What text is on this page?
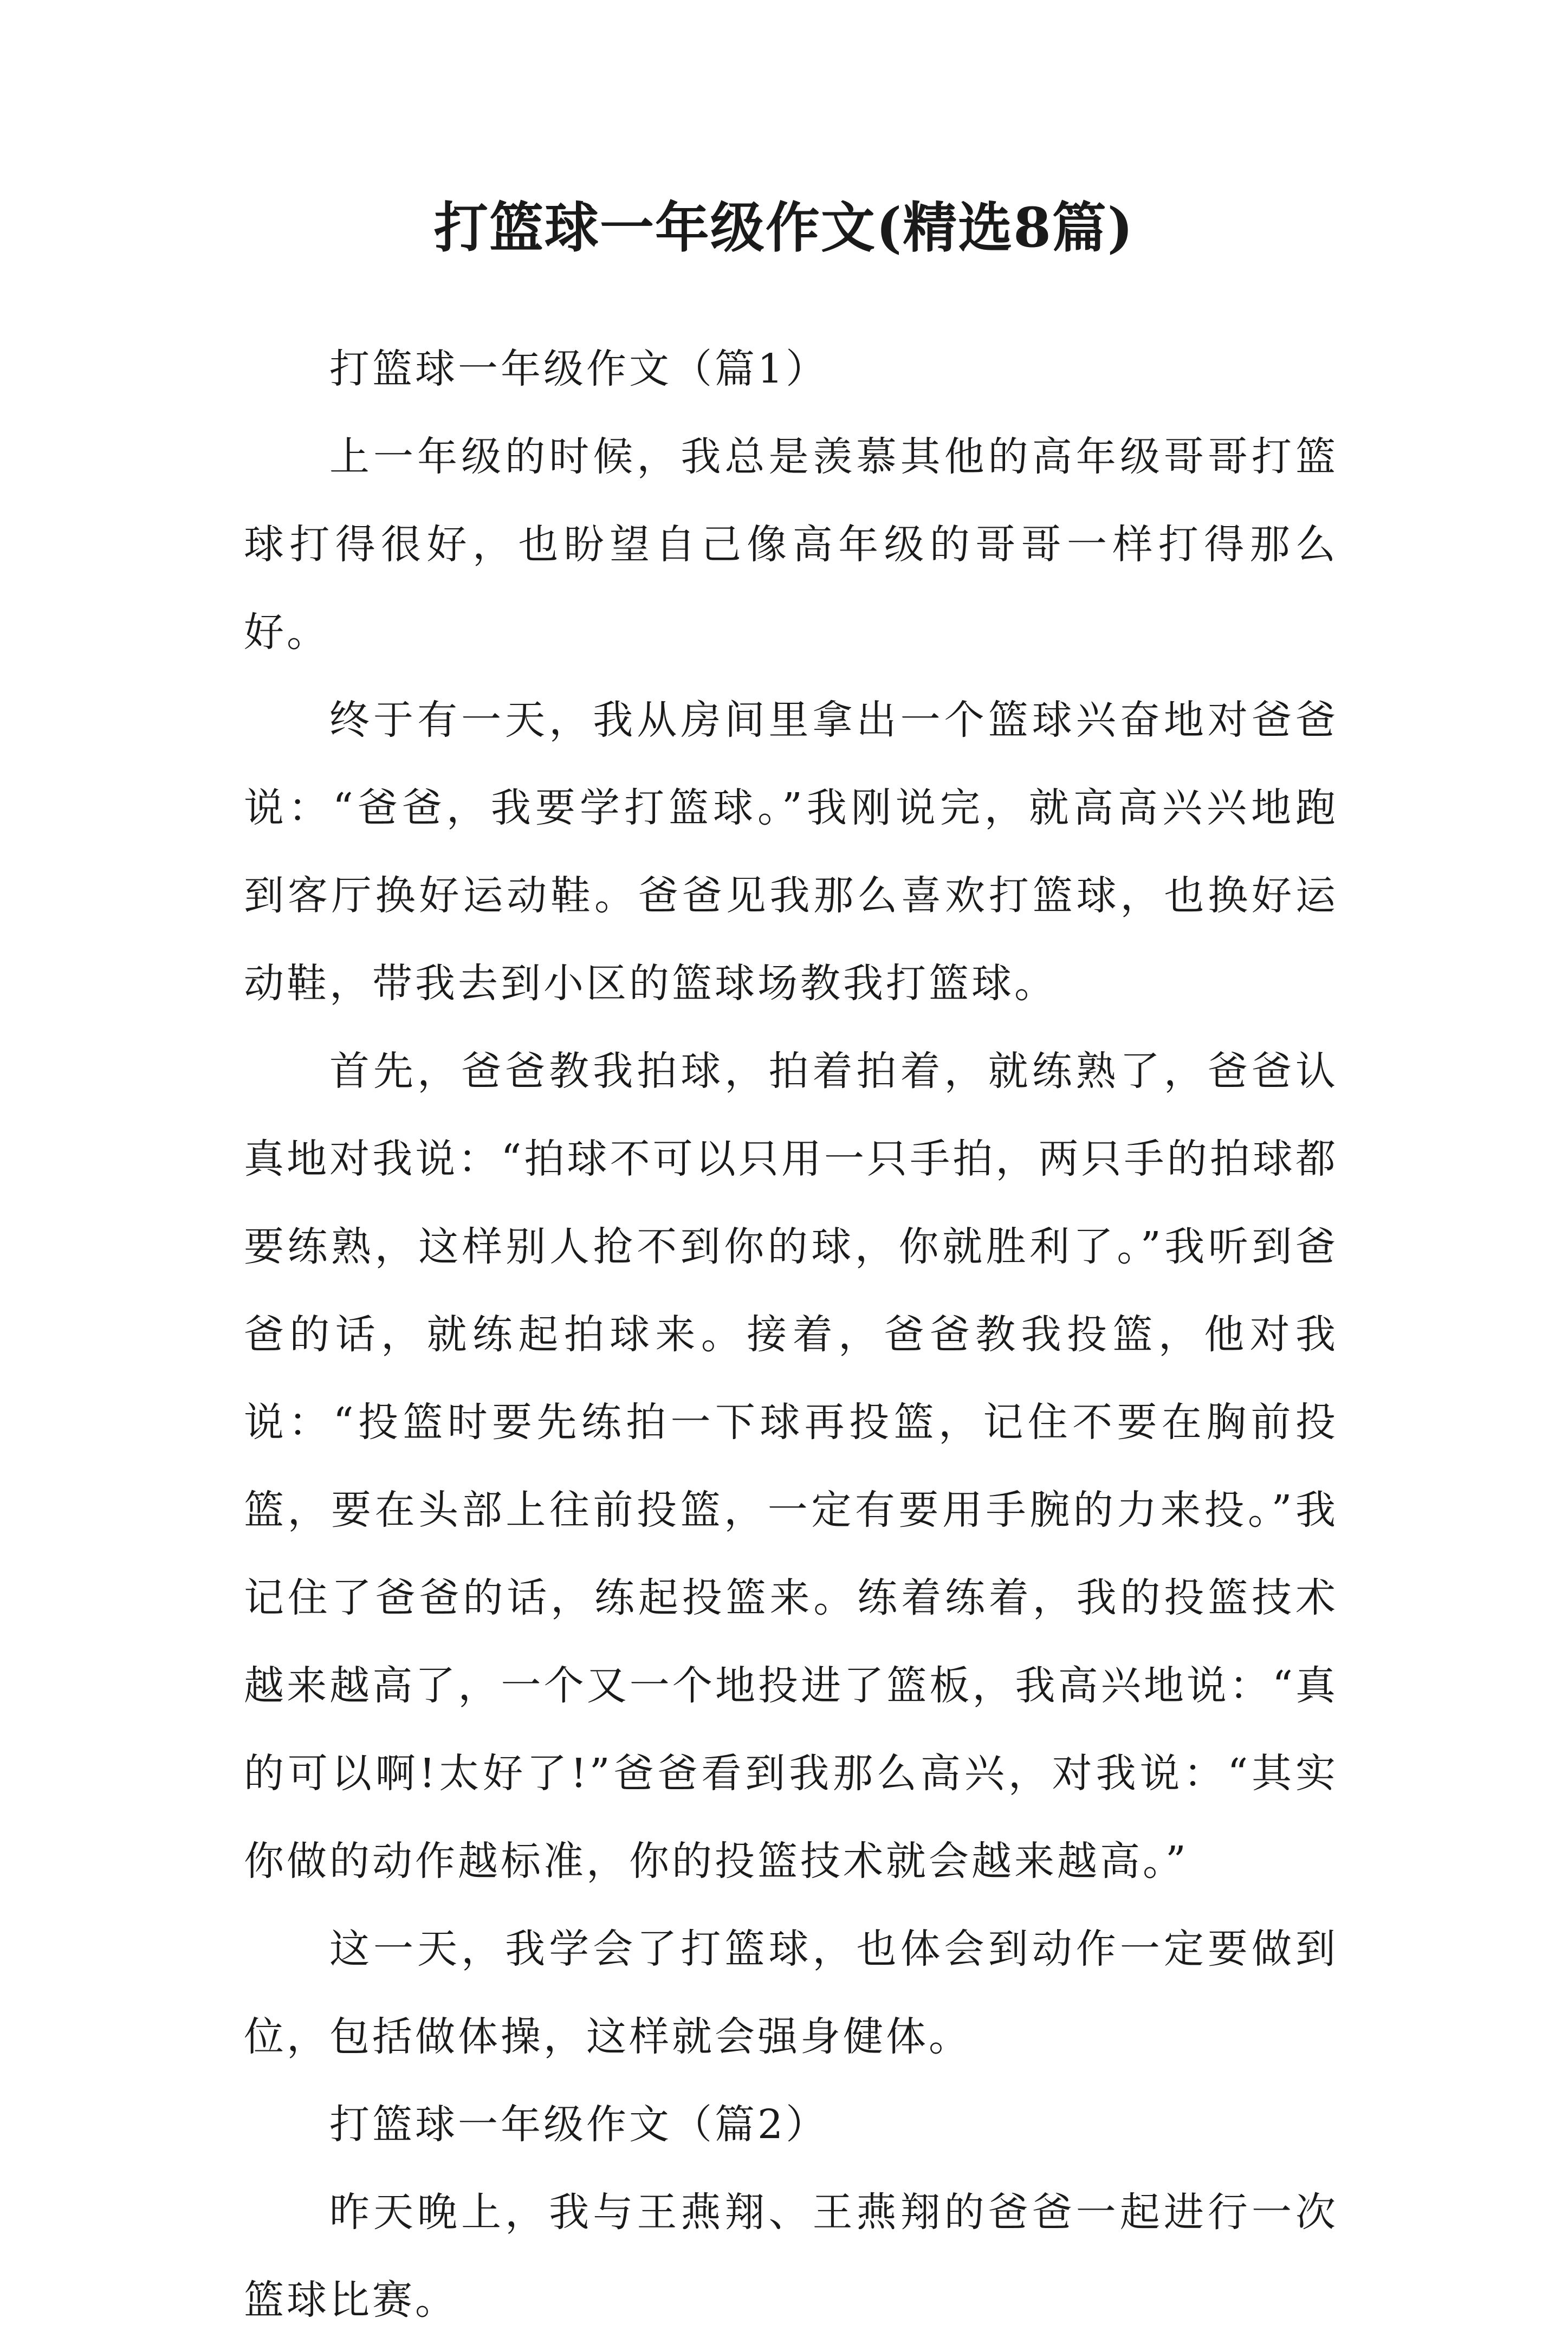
打篮球一年级作文(精选8篇)

打篮球一年级作文（篇1）

上一年级的时候，我总是羡慕其他的高年级哥哥打篮球打得很好，也盼望自己像高年级的哥哥一样打得那么好。

终于有一天，我从房间里拿出一个篮球兴奋地对爸爸说：“爸爸，我要学打篮球。”我刚说完，就高高兴兴地跑到客厅换好运动鞋。爸爸见我那么喜欢打篮球，也换好运动鞋，带我去到小区的篮球场教我打篮球。

首先，爸爸教我拍球，拍着拍着，就练熟了，爸爸认真地对我说：“拍球不可以只用一只手拍，两只手的拍球都要练熟，这样别人抢不到你的球，你就胜利了。”我听到爸爸的话，就练起拍球来。接着，爸爸教我投篮，他对我说：“投篮时要先练拍一下球再投篮，记住不要在胸前投篮，要在头部上往前投篮，一定有要用手腕的力来投。”我记住了爸爸的话，练起投篮来。练着练着，我的投篮技术越来越高了，一个又一个地投进了篮板，我高兴地说：“真的可以啊!太好了!”爸爸看到我那么高兴，对我说：“其实你做的动作越标准，你的投篮技术就会越来越高。”

这一天，我学会了打篮球，也体会到动作一定要做到位，包括做体操，这样就会强身健体。

打篮球一年级作文（篇2）

昨天晚上，我与王燕翔、王燕翔的爸爸一起进行一次篮球比赛。
